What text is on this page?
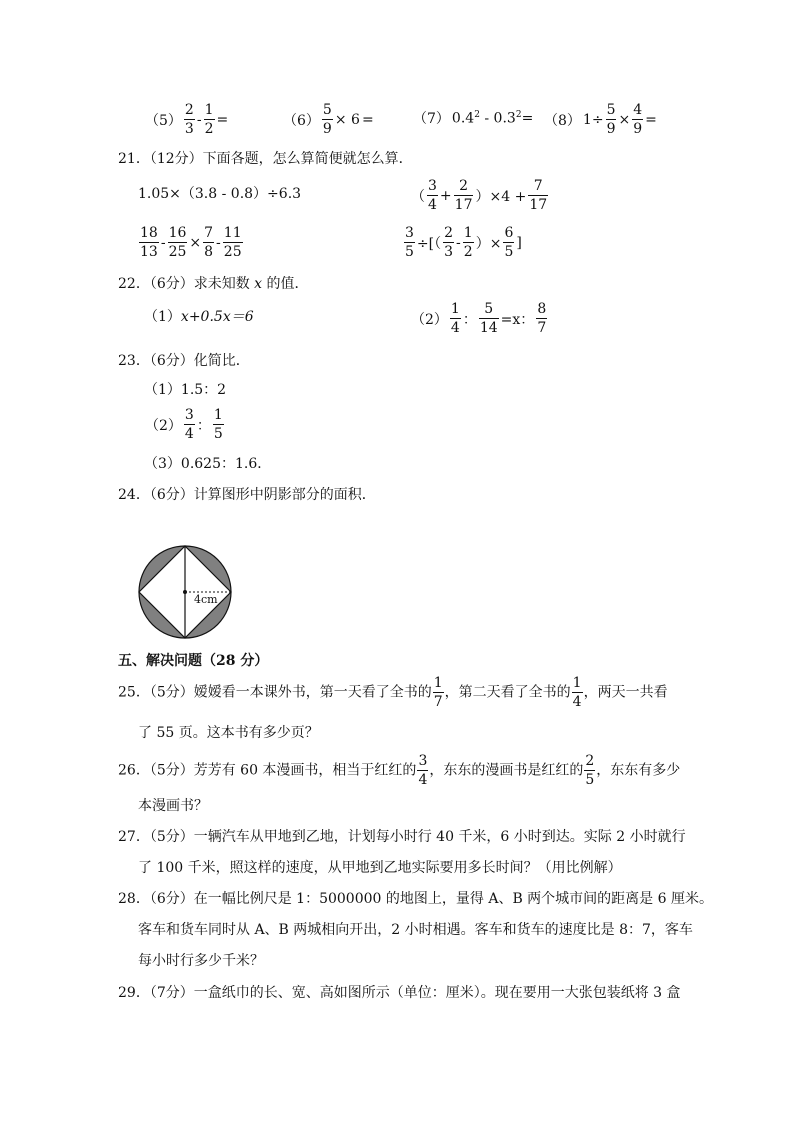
$(5) \frac{2}{3} - \frac{1}{2}$ =	$(6) \frac{5}{9} \times 6$ =	（7） $0.4^2 - 0.3^2= (8)$ $1\div \frac{5}{9} \times \frac{4}{9}$ =
21．（12分）下面各题，怎么算简便就怎么算．
1.05×（3.8 - 0.8）÷6.3	（ $\frac{3}{4} + \frac{2}{17} )\times 4 + \frac{7}{17}$
$\frac{18}{13} - \frac{16}{25} \times \frac{7}{8} - \frac{11}{25}$	$\frac{3}{5}$ ÷[（ $\frac{2}{3} - \frac{1}{2}$ ）× $\frac{6}{5}$ ]
22．（6分）求未知数 x 的值．
（1）x+0.5x＝6	$(2) \frac{1}{4}$ ： $\frac{5}{14} =x$： $\frac{8}{7}$
23．（6分）化简比．
（1）1.5：2
$(2) \frac{3}{4}$ ： $\frac{1}{5}$
（3）0.625：1.6．
24．（6分）计算图形中阴影部分的面积．
4cm
五、解决问题（28 分）
25．（5分）嫒嫒看一本课外书，第一天看了全书的 $\frac{1}{7}$ ，第二天看了全书的 $\frac{1}{4}$ ，两天一共看
了 55 页。这本书有多少页？
26．（5分）芳芳有 60 本漫画书，相当于红红的 $\frac{3}{4}$ ，东东的漫画书是红红的 $\frac{2}{5}$ ，东东有多少
本漫画书？
27．（5分）一辆汽车从甲地到乙地，计划每小时行 40 千米，6 小时到达。实际 2 小时就行
了 100 千米，照这样的速度，从甲地到乙地实际要用多长时间？（用比例解）
28．（6分）在一幅比例尺是 1：5000000 的地图上，量得 A、B 两个城市间的距离是 6 厘米。
客车和货车同时从 A、B 两城相向开出，2 小时相遇。客车和货车的速度比是 8：7，客车
每小时行多少千米？
29．（7分）一盒纸巾的长、宽、高如图所示（单位：厘米）。现在要用一大张包装纸将 3 盒
